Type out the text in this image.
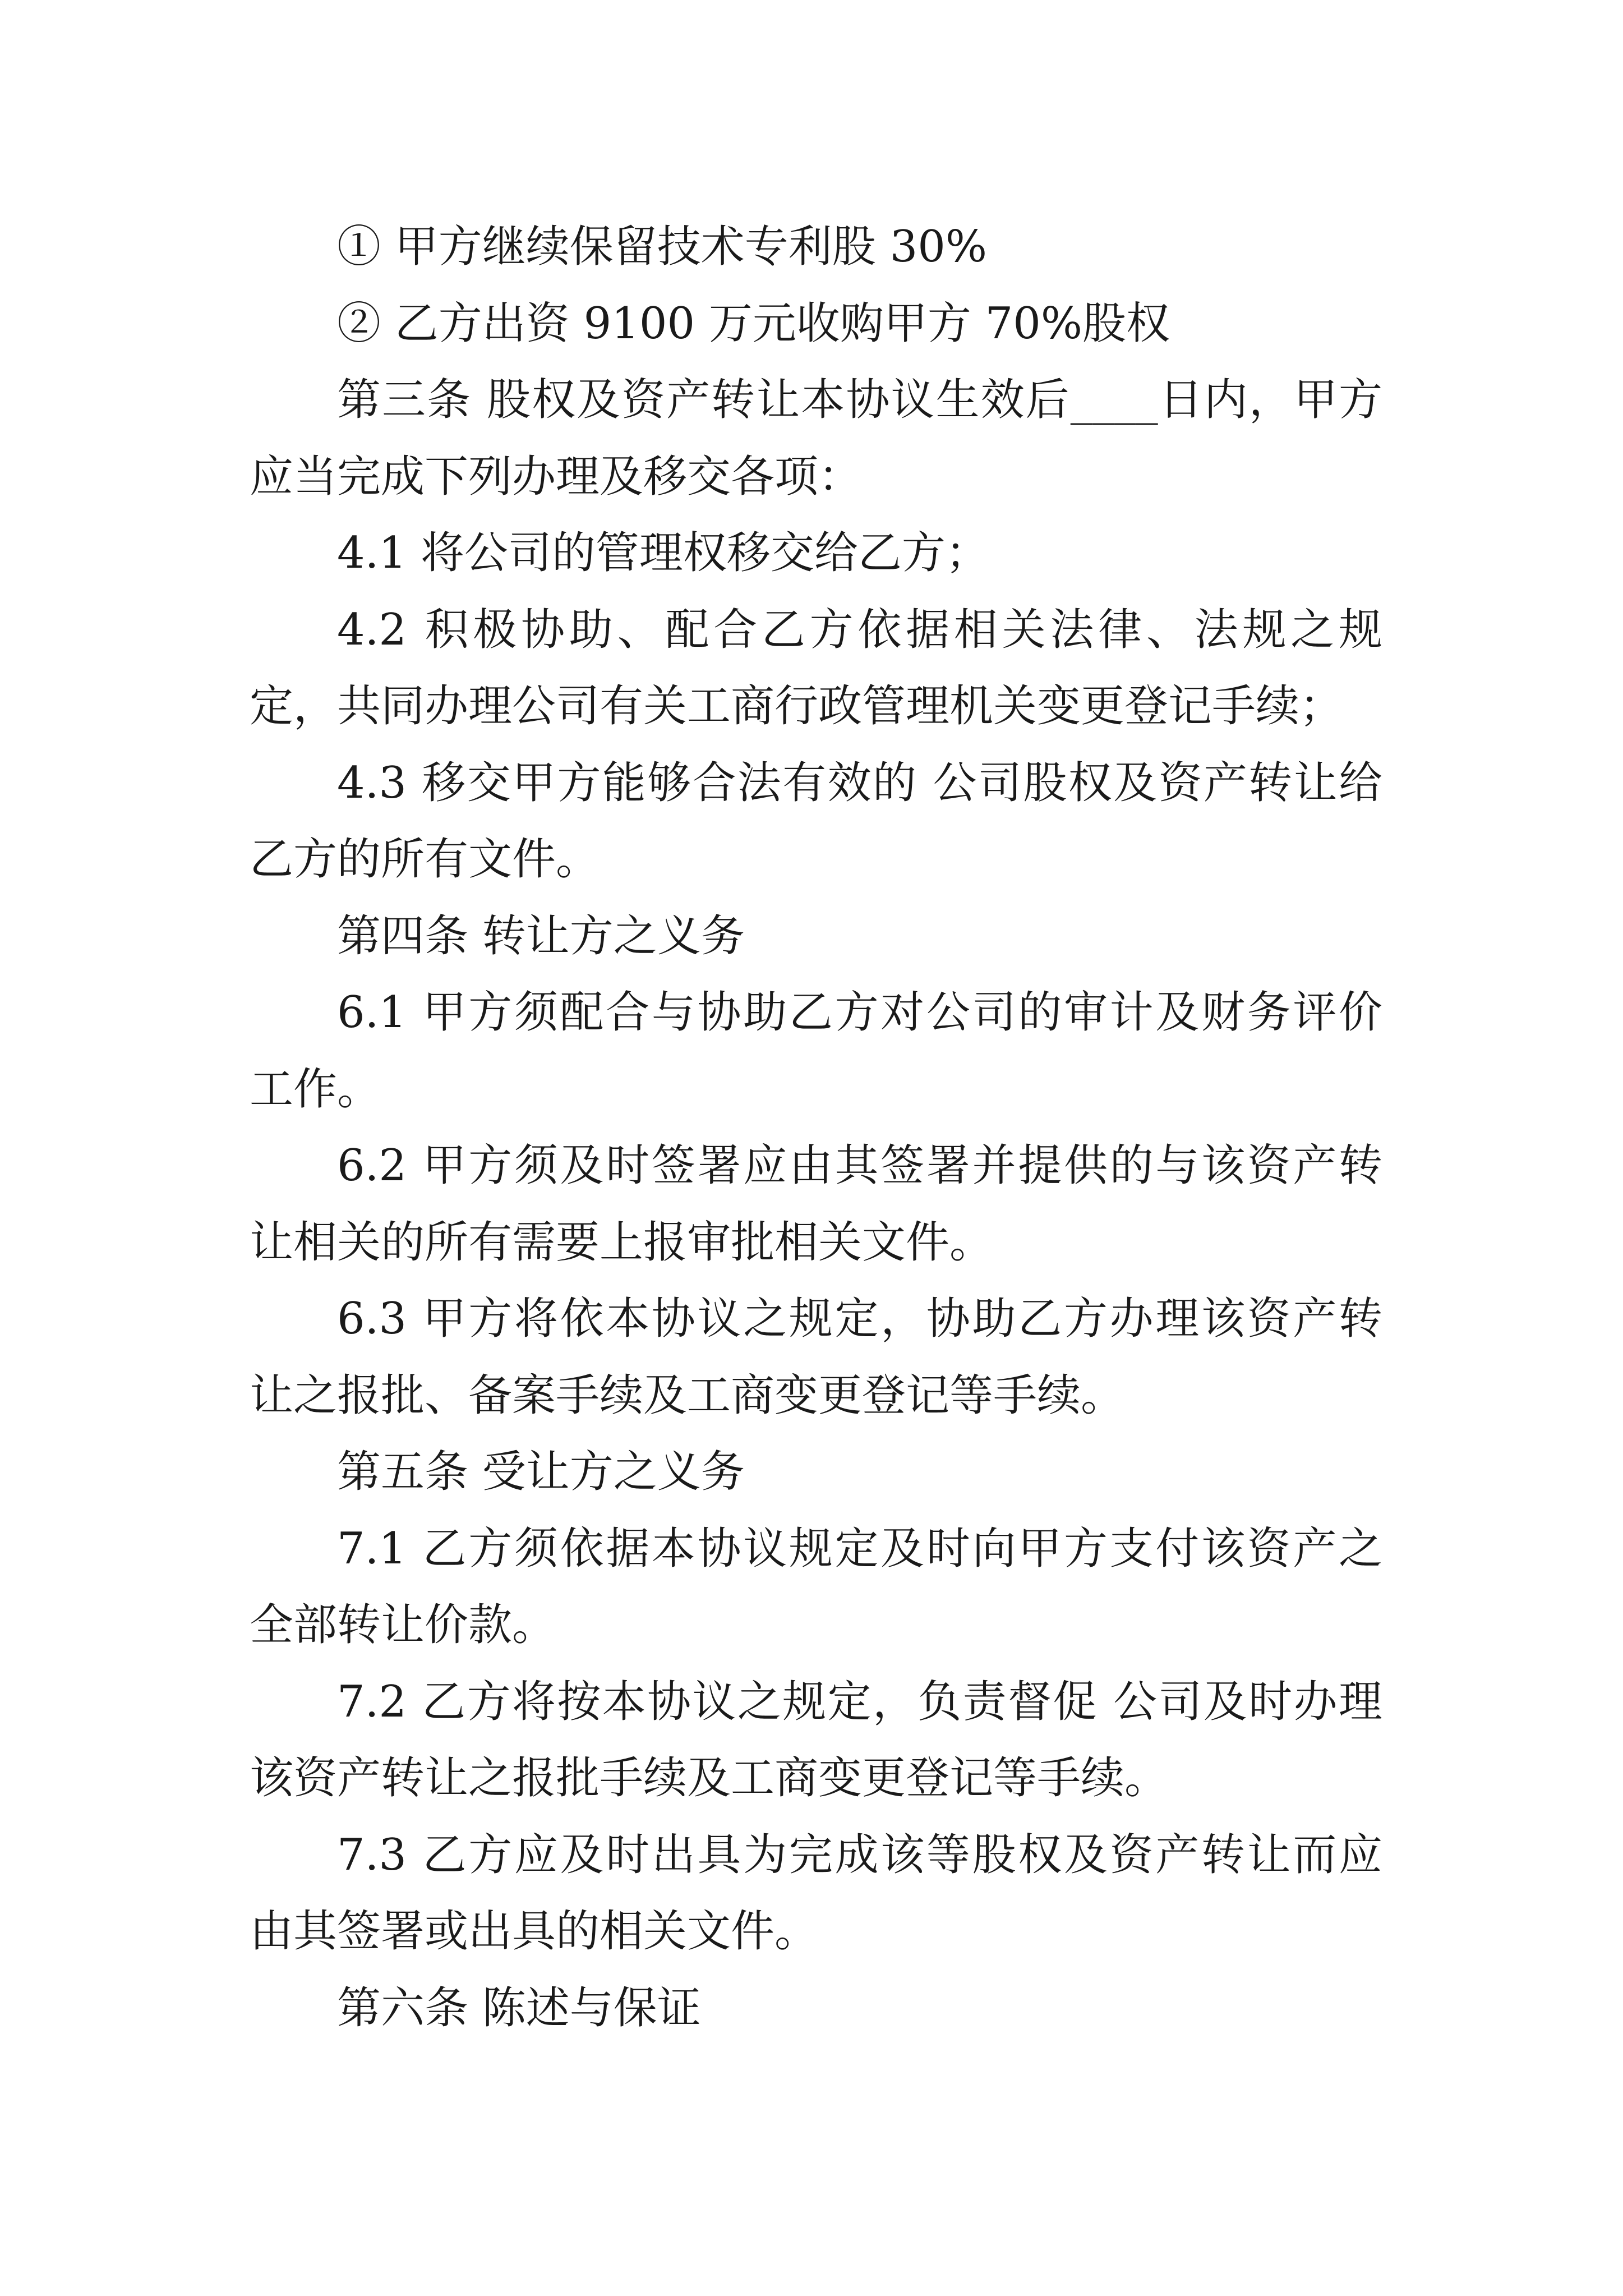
① 甲方继续保留技术专利股 30%

② 乙方出资 9100 万元收购甲方 70%股权

第三条 股权及资产转让本协议生效后____日内，甲方应当完成下列办理及移交各项：

4.1 将公司的管理权移交给乙方；

4.2 积极协助、配合乙方依据相关法律、法规之规定，共同办理公司有关工商行政管理机关变更登记手续；

4.3 移交甲方能够合法有效的 公司股权及资产转让给乙方的所有文件。

第四条 转让方之义务

6.1 甲方须配合与协助乙方对公司的审计及财务评价工作。

6.2 甲方须及时签署应由其签署并提供的与该资产转让相关的所有需要上报审批相关文件。

6.3 甲方将依本协议之规定，协助乙方办理该资产转让之报批、备案手续及工商变更登记等手续。

第五条 受让方之义务

7.1 乙方须依据本协议规定及时向甲方支付该资产之全部转让价款。

7.2 乙方将按本协议之规定，负责督促 公司及时办理该资产转让之报批手续及工商变更登记等手续。

7.3 乙方应及时出具为完成该等股权及资产转让而应由其签署或出具的相关文件。

第六条 陈述与保证
